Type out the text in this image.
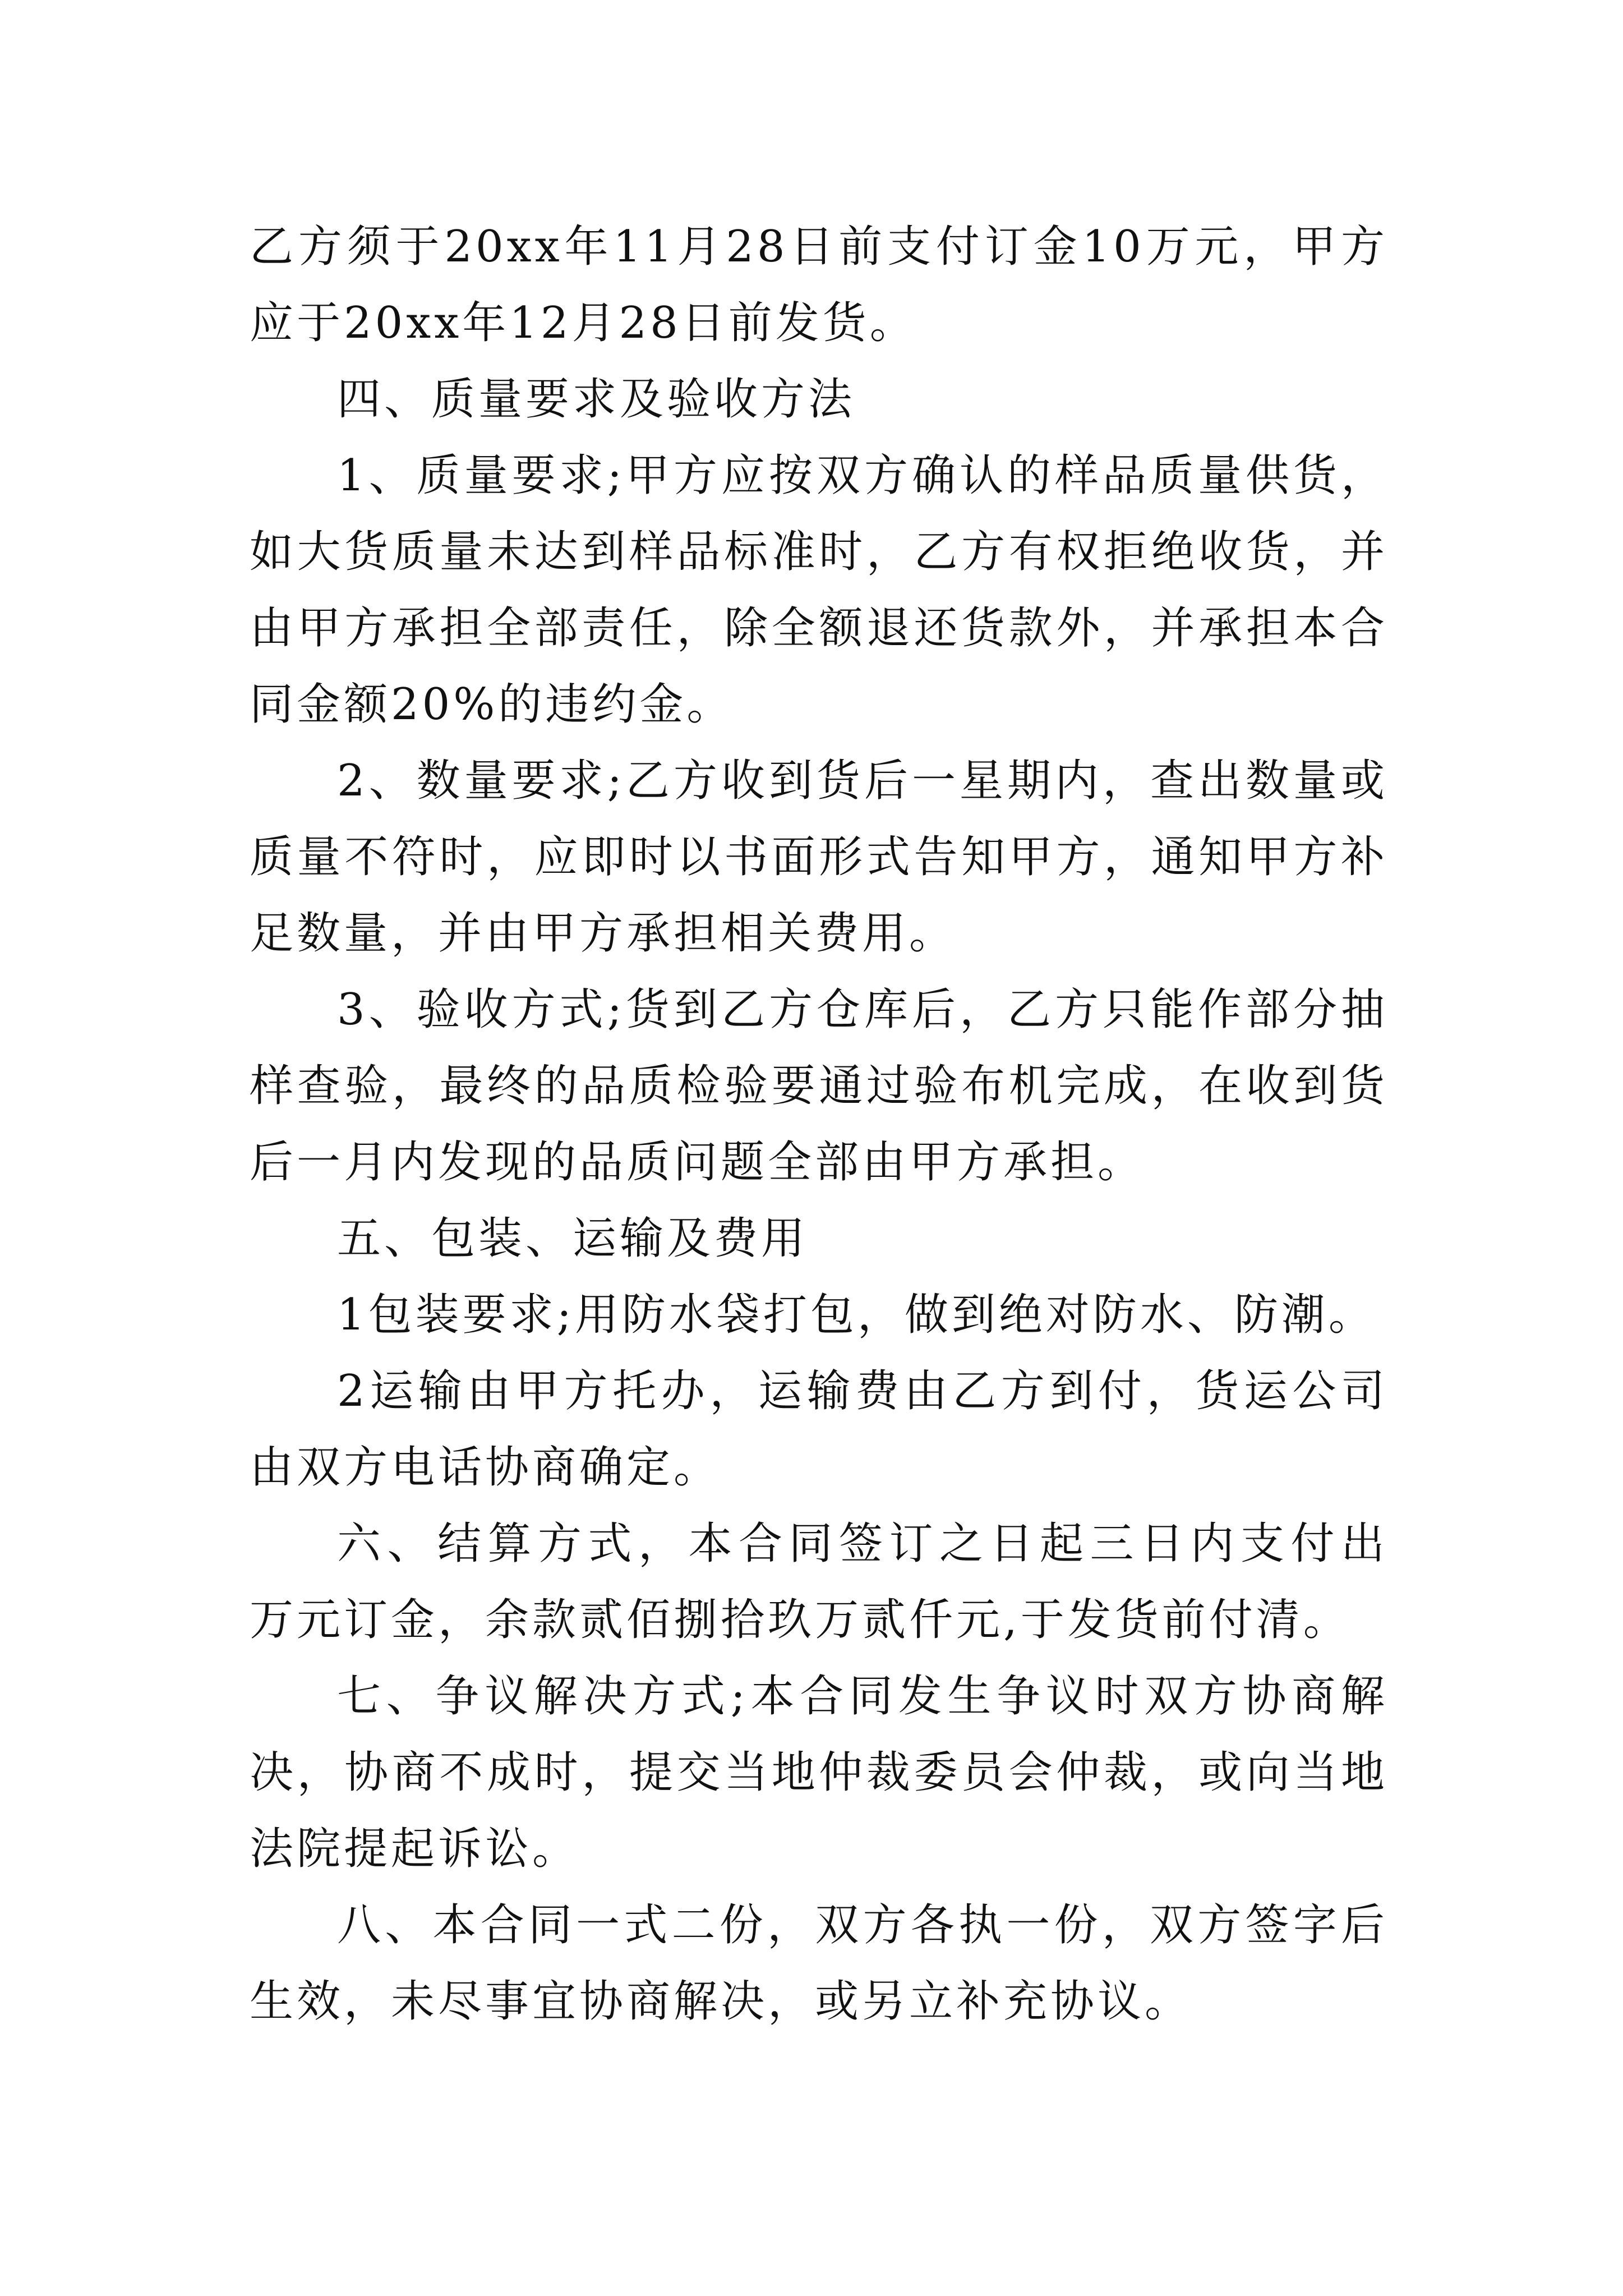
乙方须于20xx年11月28日前支付订金10万元，甲方应于20xx年12月28日前发货。

四、质量要求及验收方法

1、质量要求;甲方应按双方确认的样品质量供货，如大货质量未达到样品标准时，乙方有权拒绝收货，并由甲方承担全部责任，除全额退还货款外，并承担本合同金额20%的违约金。

2、数量要求;乙方收到货后一星期内，查出数量或质量不符时，应即时以书面形式告知甲方，通知甲方补足数量，并由甲方承担相关费用。

3、验收方式;货到乙方仓库后，乙方只能作部分抽样查验，最终的品质检验要通过验布机完成，在收到货后一月内发现的品质问题全部由甲方承担。

五、包装、运输及费用

1包装要求;用防水袋打包，做到绝对防水、防潮。

2运输由甲方托办，运输费由乙方到付，货运公司由双方电话协商确定。

六、结算方式，本合同签订之日起三日内支付出 万元订金，余款贰佰捌拾玖万贰仟元,于发货前付清。

七、争议解决方式;本合同发生争议时双方协商解决，协商不成时，提交当地仲裁委员会仲裁，或向当地法院提起诉讼。

八、本合同一式二份，双方各执一份，双方签字后生效，未尽事宜协商解决，或另立补充协议。
